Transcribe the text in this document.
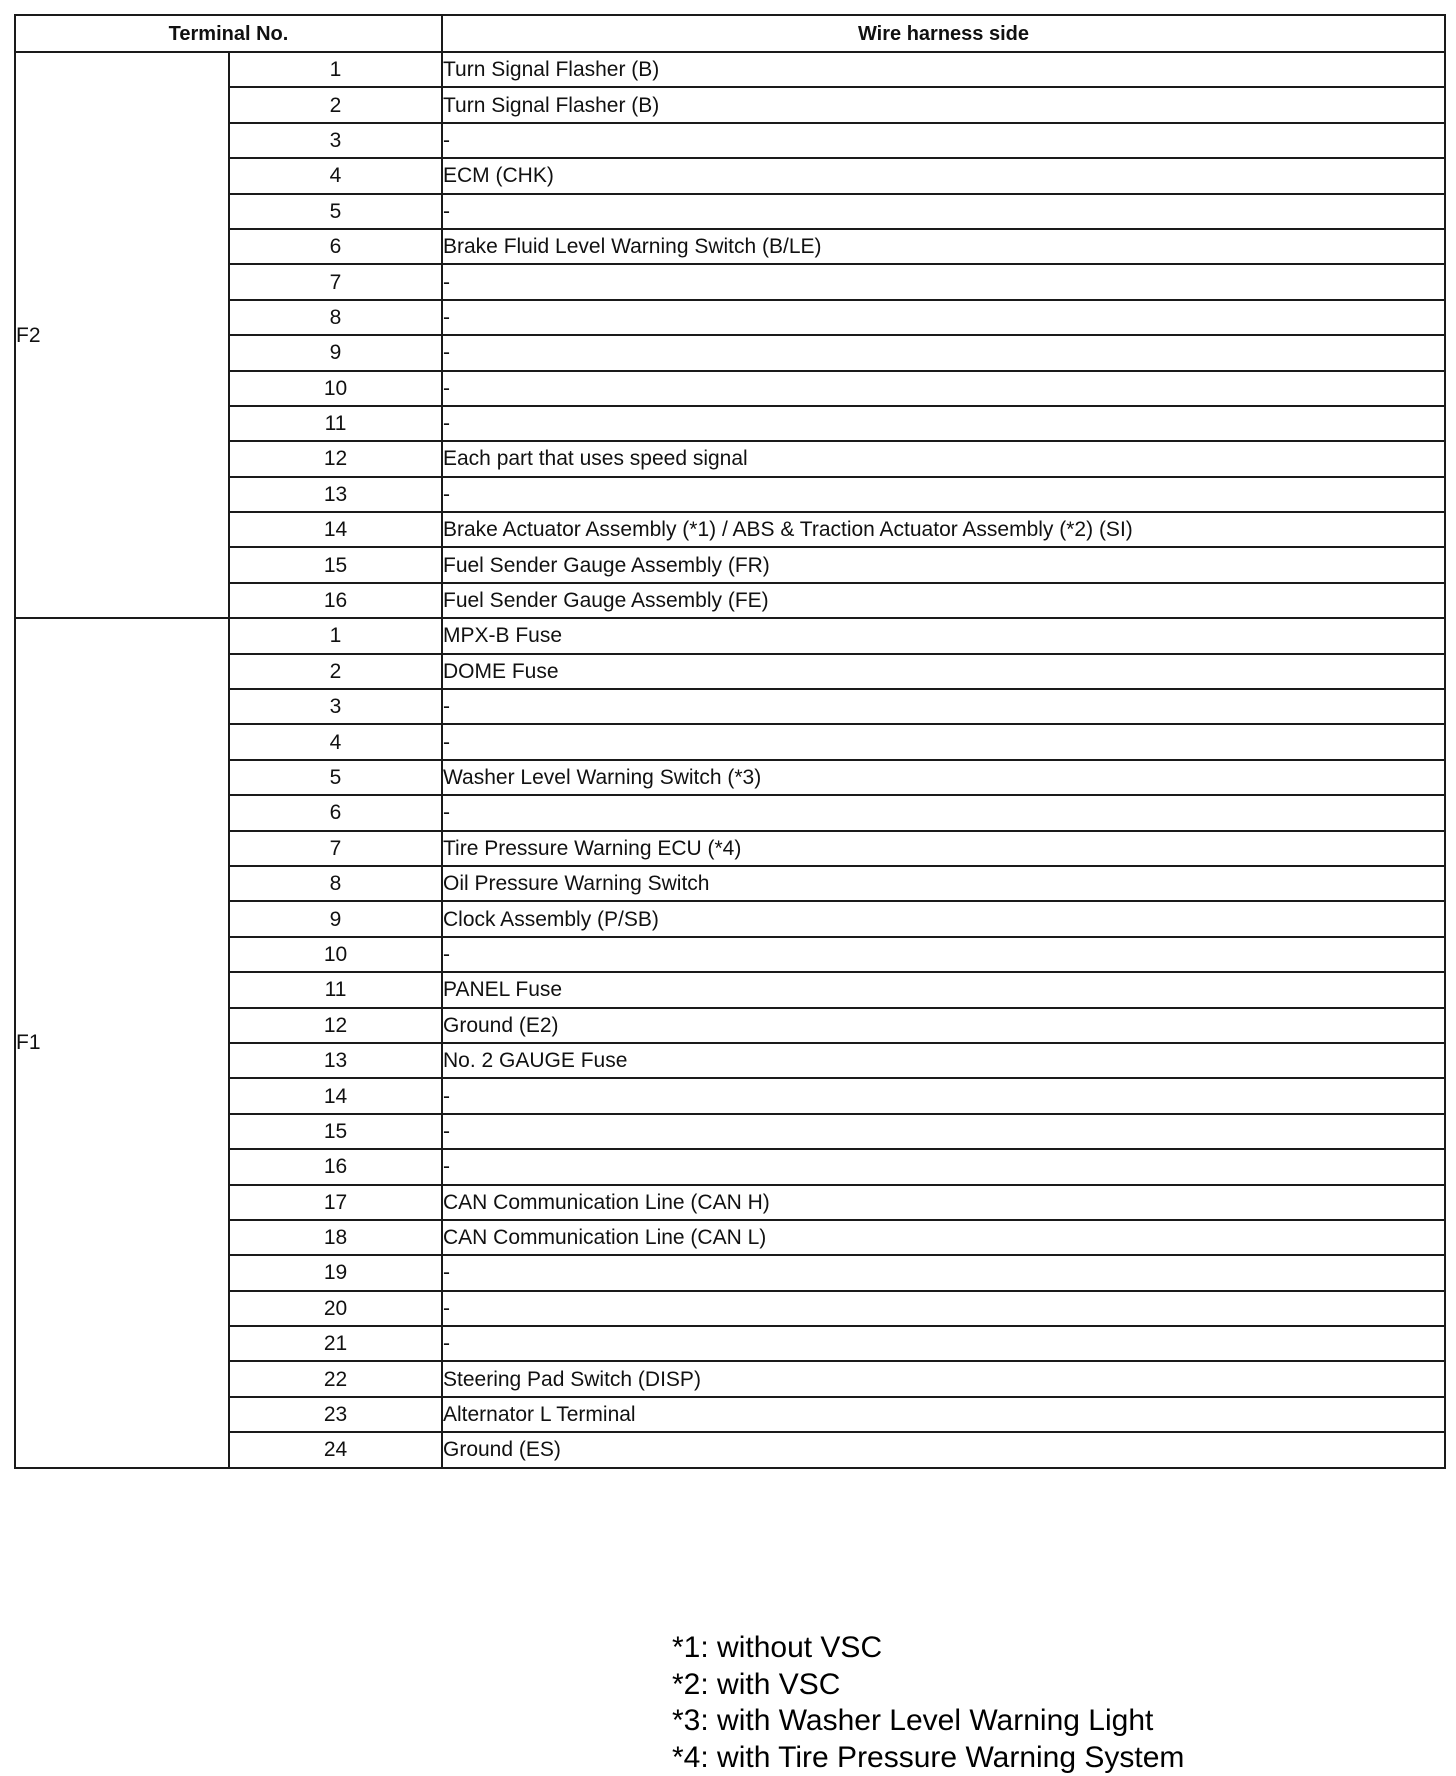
Terminal No.		Wire harness side
F2	1	Turn Signal Flasher (B)
	2	Turn Signal Flasher (B)
	3	-
	4	ECM (CHK)
	5	-
	6	Brake Fluid Level Warning Switch (B/LE)
	7	-
	8	-
	9	-
	10	-
	11	-
	12	Each part that uses speed signal
	13	-
	14	Brake Actuator Assembly (*1) / ABS & Traction Actuator Assembly (*2) (SI)
	15	Fuel Sender Gauge Assembly (FR)
	16	Fuel Sender Gauge Assembly (FE)
F1	1	MPX-B Fuse
	2	DOME Fuse
	3	-
	4	-
	5	Washer Level Warning Switch (*3)
	6	-
	7	Tire Pressure Warning ECU (*4)
	8	Oil Pressure Warning Switch
	9	Clock Assembly (P/SB)
	10	-
	11	PANEL Fuse
	12	Ground (E2)
	13	No. 2 GAUGE Fuse
	14	-
	15	-
	16	-
	17	CAN Communication Line (CAN H)
	18	CAN Communication Line (CAN L)
	19	-
	20	-
	21	-
	22	Steering Pad Switch (DISP)
	23	Alternator L Terminal
	24	Ground (ES)
*1: without VSC
*2: with VSC
*3: with Washer Level Warning Light
*4: with Tire Pressure Warning System
